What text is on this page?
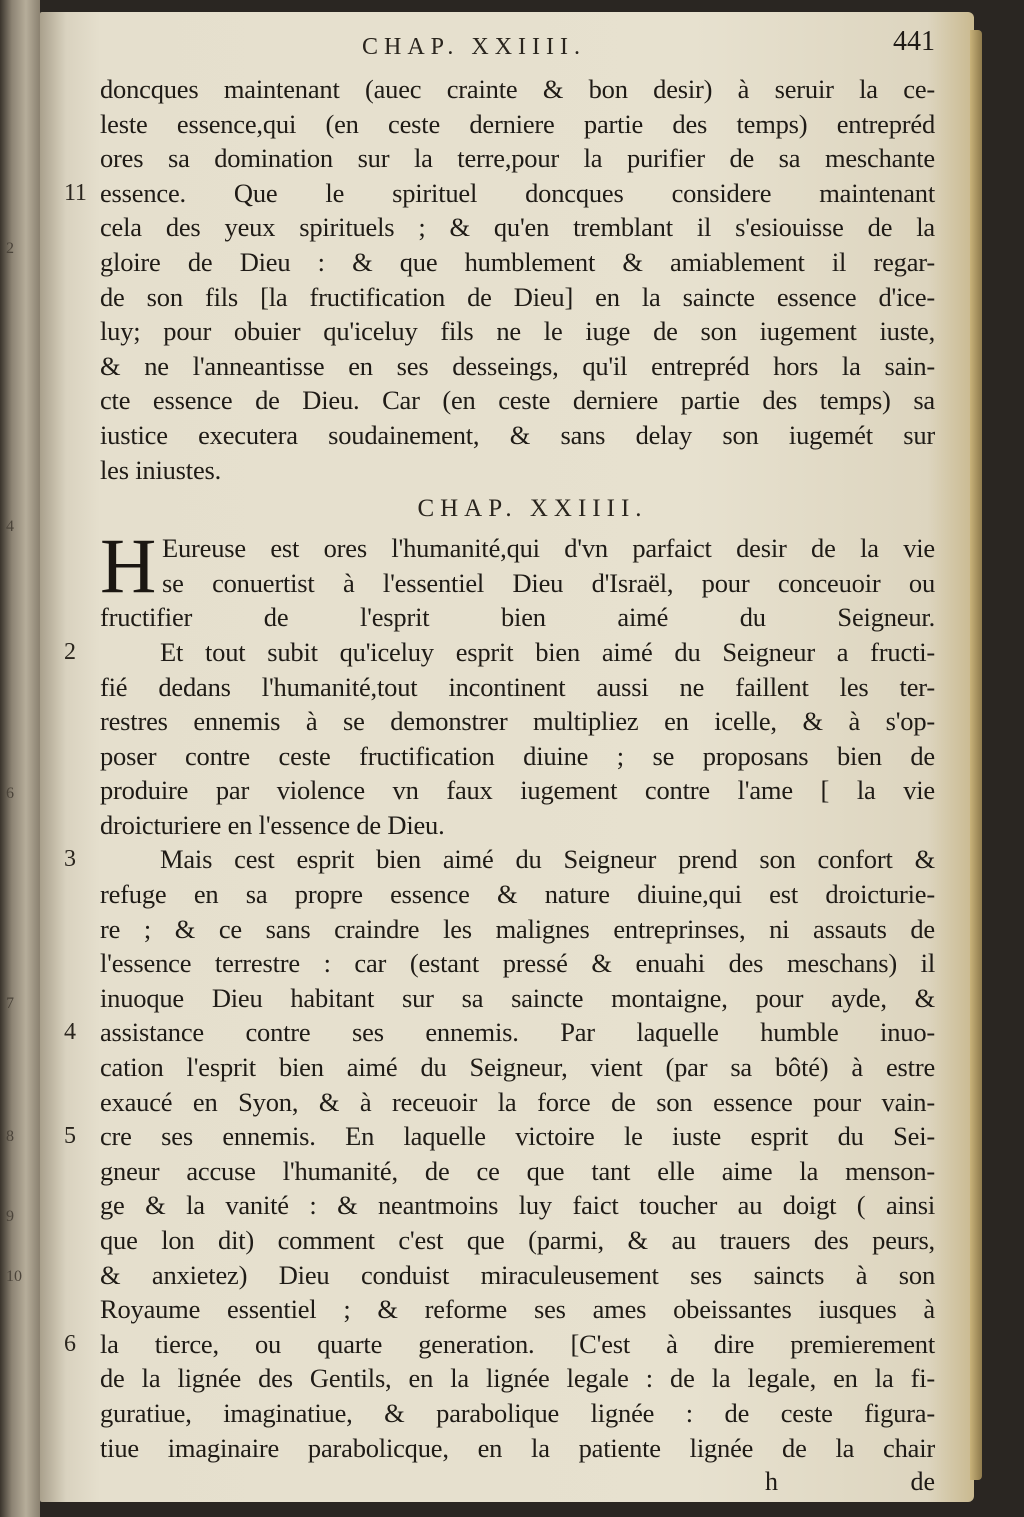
2
4
6
7
8
9
10
CHAP. XXIIII.	441
doncques maintenant (auec crainte & bon desir) à seruir la ce-
leste essence,qui (en ceste derniere partie des temps) entrepréd
ores sa domination sur la terre,pour la purifier de sa meschante
essence. Que le spirituel doncques considere maintenant
11
cela des yeux spirituels ; & qu'en tremblant il s'esiouisse de la
gloire de Dieu : & que humblement & amiablement il regar-
de son fils [la fructification de Dieu] en la saincte essence d'ice-
luy; pour obuier qu'iceluy fils ne le iuge de son iugement iuste,
& ne l'anneantisse en ses desseings, qu'il entrepréd hors la sain-
cte essence de Dieu. Car (en ceste derniere partie des temps) sa
iustice executera soudainement, & sans delay son iugemét sur
les iniustes.
CHAP. XXIIII.
H Eureuse est ores l'humanité,qui d'vn parfaict desir de la vie
se conuertist à l'essentiel Dieu d'Israël, pour conceuoir ou
fructifier de l'esprit bien aimé du Seigneur.
Et tout subit qu'iceluy esprit bien aimé du Seigneur a fructi-
2
fié dedans l'humanité,tout incontinent aussi ne faillent les ter-
restres ennemis à se demonstrer multipliez en icelle, & à s'op-
poser contre ceste fructification diuine ; se proposans bien de
produire par violence vn faux iugement contre l'ame [ la vie
droicturiere en l'essence de Dieu.
Mais cest esprit bien aimé du Seigneur prend son confort &
3
refuge en sa propre essence & nature diuine,qui est droicturie-
re ; & ce sans craindre les malignes entreprinses, ni assauts de
l'essence terrestre : car (estant pressé & enuahi des meschans) il
inuoque Dieu habitant sur sa saincte montaigne, pour ayde, &
assistance contre ses ennemis. Par laquelle humble inuo-
4
cation l'esprit bien aimé du Seigneur, vient (par sa bôté) à estre
exaucé en Syon, & à receuoir la force de son essence pour vain-
cre ses ennemis. En laquelle victoire le iuste esprit du Sei-
5
gneur accuse l'humanité, de ce que tant elle aime la menson-
ge & la vanité : & neantmoins luy faict toucher au doigt ( ainsi
que lon dit) comment c'est que (parmi, & au trauers des peurs,
& anxietez) Dieu conduist miraculeusement ses saincts à son
Royaume essentiel ; & reforme ses ames obeissantes iusques à
la tierce, ou quarte generation. [C'est à dire premierement
6
de la lignée des Gentils, en la lignée legale : de la legale, en la fi-
guratiue, imaginatiue, & parabolique lignée : de ceste figura-
tiue imaginaire parabolicque, en la patiente lignée de la chair
h	de
